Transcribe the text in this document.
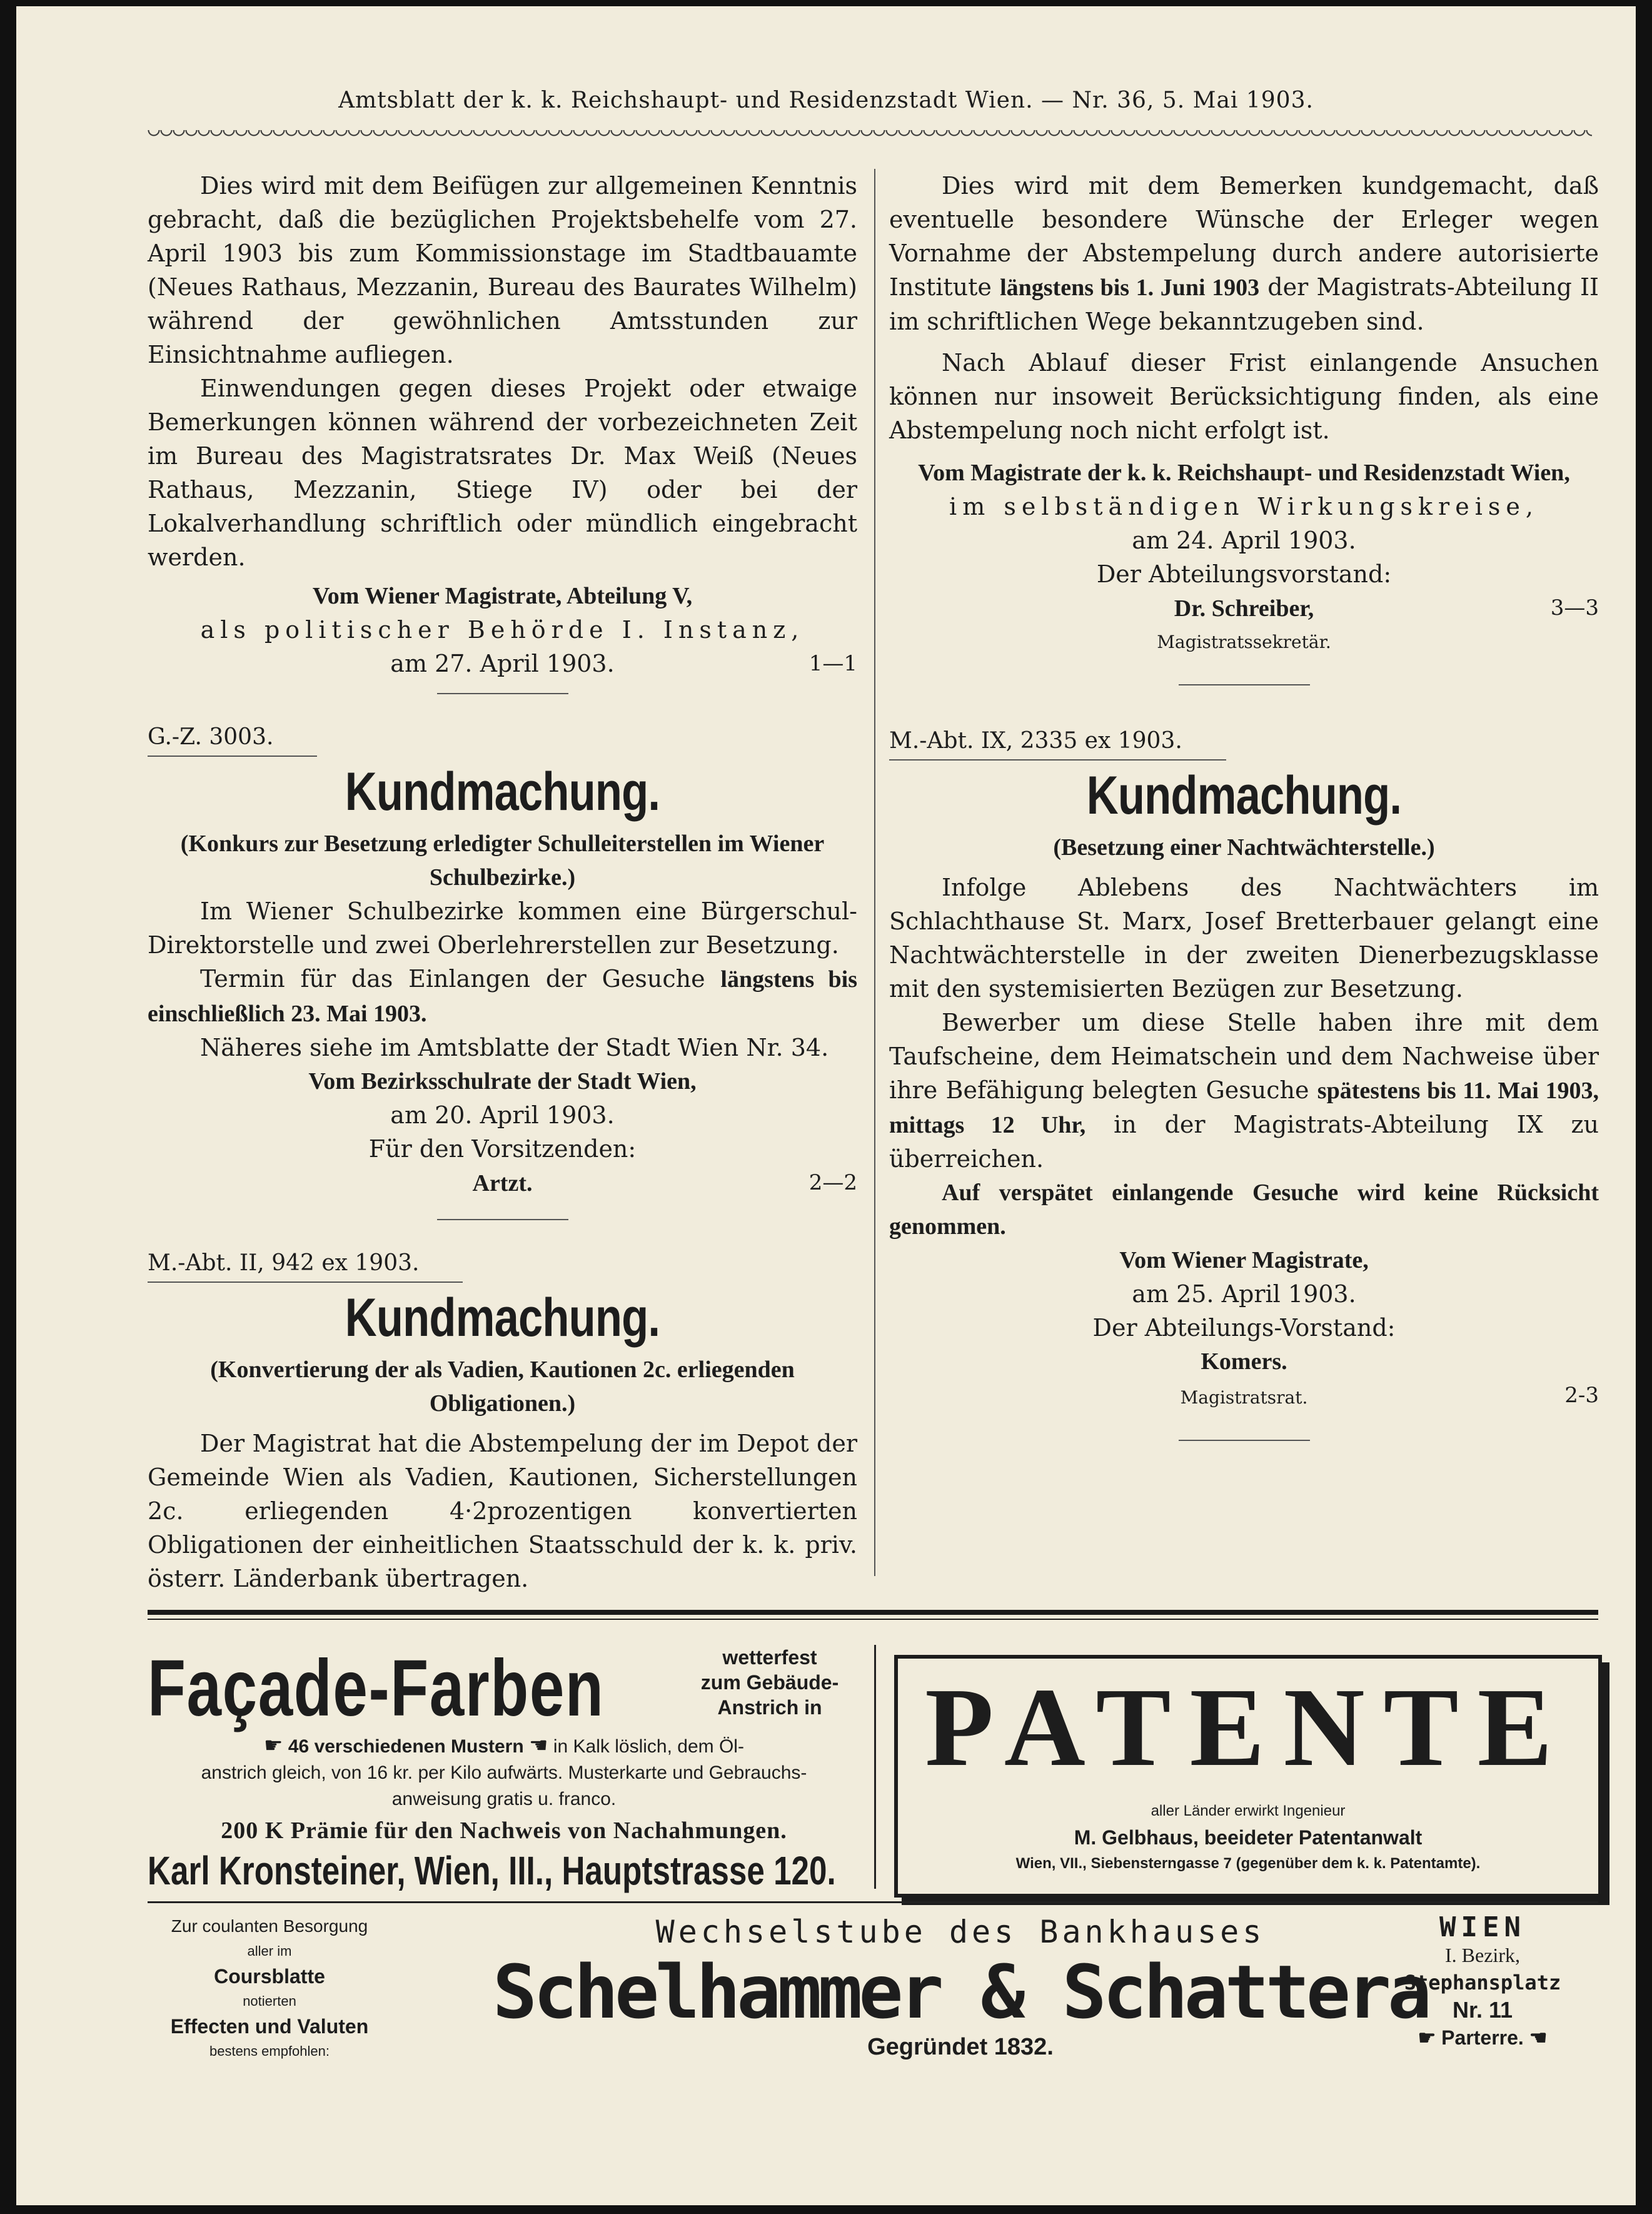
Amtsblatt der k. k. Reichshaupt- und Residenzstadt Wien. — Nr. 36, 5. Mai 1903.

Dies wird mit dem Beifügen zur allgemeinen Kenntnis gebracht, daß die bezüglichen Projektsbehelfe vom 27. April 1903 bis zum Kommissionstage im Stadtbauamte (Neues Rathaus, Mezzanin, Bureau des Baurates Wilhelm) während der gewöhnlichen Amtsstunden zur Einsichtnahme aufliegen.

Einwendungen gegen dieses Projekt oder etwaige Bemerkungen können während der vorbezeichneten Zeit im Bureau des Magistratsrates Dr. Max Weiß (Neues Rathaus, Mezzanin, Stiege IV) oder bei der Lokalverhandlung schriftlich oder mündlich eingebracht werden.

Vom Wiener Magistrate, Abteilung V,
als politischer Behörde I. Instanz,
am 27. April 1903.	1—1
G.-Z. 3003.
Kundmachung.
(Konkurs zur Besetzung erledigter Schulleiterstellen im Wiener Schulbezirke.)

Im Wiener Schulbezirke kommen eine Bürgerschul-Direktorstelle und zwei Oberlehrerstellen zur Besetzung.

Termin für das Einlangen der Gesuche längstens bis einschließlich 23. Mai 1903.

Näheres siehe im Amtsblatte der Stadt Wien Nr. 34.

Vom Bezirksschulrate der Stadt Wien,
am 20. April 1903.
Für den Vorsitzenden:
Artzt.	2—2
M.-Abt. II, 942 ex 1903.
Kundmachung.
(Konvertierung der als Vadien, Kautionen 2c. erliegenden Obligationen.)

Der Magistrat hat die Abstempelung der im Depot der Gemeinde Wien als Vadien, Kautionen, Sicherstellungen 2c. erliegenden 4·2prozentigen konvertierten Obligationen der einheitlichen Staatsschuld der k. k. priv. österr. Länderbank übertragen.

Dies wird mit dem Bemerken kundgemacht, daß eventuelle besondere Wünsche der Erleger wegen Vornahme der Abstempelung durch andere autorisierte Institute längstens bis 1. Juni 1903 der Magistrats-Abteilung II im schriftlichen Wege bekanntzugeben sind.

Nach Ablauf dieser Frist einlangende Ansuchen können nur insoweit Berücksichtigung finden, als eine Abstempelung noch nicht erfolgt ist.

Vom Magistrate der k. k. Reichshaupt- und Residenzstadt Wien,
im selbständigen Wirkungskreise,
am 24. April 1903.
Der Abteilungsvorstand:
Dr. Schreiber,	3—3
Magistratssekretär.
M.-Abt. IX, 2335 ex 1903.
Kundmachung.
(Besetzung einer Nachtwächterstelle.)

Infolge Ablebens des Nachtwächters im Schlachthause St. Marx, Josef Bretterbauer gelangt eine Nachtwächterstelle in der zweiten Dienerbezugsklasse mit den systemisierten Bezügen zur Besetzung.

Bewerber um diese Stelle haben ihre mit dem Taufscheine, dem Heimatschein und dem Nachweise über ihre Befähigung belegten Gesuche spätestens bis 11. Mai 1903, mittags 12 Uhr, in der Magistrats-Abteilung IX zu überreichen.

Auf verspätet einlangende Gesuche wird keine Rücksicht genommen.

Vom Wiener Magistrate,
am 25. April 1903.
Der Abteilungs-Vorstand:
Komers.
Magistratsrat.	2-3
Façade-Farben	wetterfest
zum Gebäude-
Anstrich in
☛ 46 verschiedenen Mustern ☚ in Kalk löslich, dem Öl-
anstrich gleich, von 16 kr. per Kilo aufwärts. Musterkarte und Gebrauchs-
anweisung gratis u. franco.
200 K Prämie für den Nachweis von Nachahmungen.
Karl Kronsteiner, Wien, III., Hauptstrasse 120.
PATENTE
aller Länder erwirkt Ingenieur
M. Gelbhaus, beeideter Patentanwalt
Wien, VII., Siebensterngasse 7 (gegenüber dem k. k. Patentamte).
Zur coulanten Besorgung
aller im
Coursblatte
notierten
Effecten und Valuten
bestens empfohlen:
Wechselstube des Bankhauses
Schelhammer & Schattera
Gegründet 1832.
WIEN
I. Bezirk,
Stephansplatz
Nr. 11
☛ Parterre. ☚
